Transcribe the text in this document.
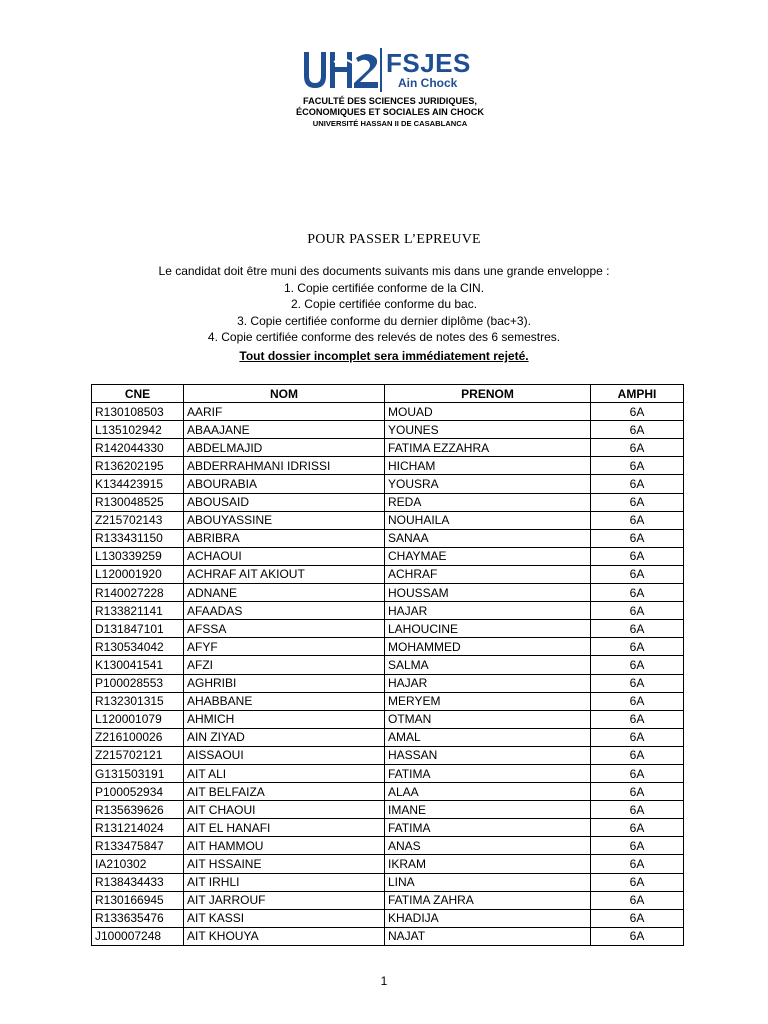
FSJES
Ain Chock
FACULTÉ DES SCIENCES JURIDIQUES,
ÉCONOMIQUES ET SOCIALES AIN CHOCK
UNIVERSITÉ HASSAN II DE CASABLANCA
POUR PASSER L’EPREUVE
Le candidat doit être muni des documents suivants mis dans une grande enveloppe :
1. Copie certifiée conforme de la CIN.
2. Copie certifiée conforme du bac.
3. Copie certifiée conforme du dernier diplôme (bac+3).
4. Copie certifiée conforme des relevés de notes des 6 semestres.
Tout dossier incomplet sera immédiatement rejeté.
CNE	NOM	PRENOM	AMPHI
R130108503	AARIF	MOUAD	6A
L135102942	ABAAJANE	YOUNES	6A
R142044330	ABDELMAJID	FATIMA EZZAHRA	6A
R136202195	ABDERRAHMANI IDRISSI	HICHAM	6A
K134423915	ABOURABIA	YOUSRA	6A
R130048525	ABOUSAID	REDA	6A
Z215702143	ABOUYASSINE	NOUHAILA	6A
R133431150	ABRIBRA	SANAA	6A
L130339259	ACHAOUI	CHAYMAE	6A
L120001920	ACHRAF AIT AKIOUT	ACHRAF	6A
R140027228	ADNANE	HOUSSAM	6A
R133821141	AFAADAS	HAJAR	6A
D131847101	AFSSA	LAHOUCINE	6A
R130534042	AFYF	MOHAMMED	6A
K130041541	AFZI	SALMA	6A
P100028553	AGHRIBI	HAJAR	6A
R132301315	AHABBANE	MERYEM	6A
L120001079	AHMICH	OTMAN	6A
Z216100026	AIN ZIYAD	AMAL	6A
Z215702121	AISSAOUI	HASSAN	6A
G131503191	AIT ALI	FATIMA	6A
P100052934	AIT BELFAIZA	ALAA	6A
R135639626	AIT CHAOUI	IMANE	6A
R131214024	AIT EL HANAFI	FATIMA	6A
R133475847	AIT HAMMOU	ANAS	6A
IA210302	AIT HSSAINE	IKRAM	6A
R138434433	AIT IRHLI	LINA	6A
R130166945	AIT JARROUF	FATIMA ZAHRA	6A
R133635476	AIT KASSI	KHADIJA	6A
J100007248	AIT KHOUYA	NAJAT	6A
1
